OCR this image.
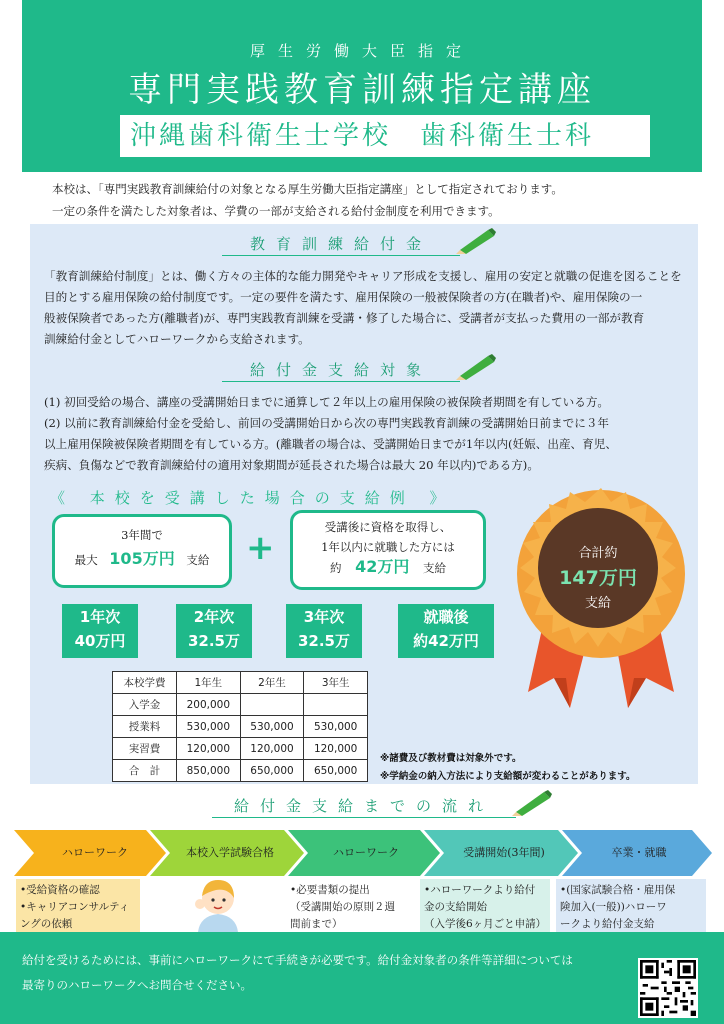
厚生労働大臣指定
専門実践教育訓練指定講座
沖縄歯科衛生士学校　歯科衛生士科
本校は、「専門実践教育訓練給付の対象となる厚生労働大臣指定講座」として指定されております。
一定の条件を満たした対象者は、学費の一部が支給される給付金制度を利用できます。
教育訓練給付金
「教育訓練給付制度」とは、働く方々の主体的な能力開発やキャリア形成を支援し、雇用の安定と就職の促進を図ることを
目的とする雇用保険の給付制度です。一定の要件を満たす、雇用保険の一般被保険者の方(在職者)や、雇用保険の一
般被保険者であった方(離職者)が、専門実践教育訓練を受講・修了した場合に、受講者が支払った費用の一部が教育
訓練給付金としてハローワークから支給されます。
給付金支給対象
(1) 初回受給の場合、講座の受講開始日までに通算して２年以上の雇用保険の被保険者期間を有している方。
(2) 以前に教育訓練給付金を受給し、前回の受講開始日から次の専門実践教育訓練の受講開始日前までに３年
以上雇用保険被保険者期間を有している方。(離職者の場合は、受講開始日までが1年以内(妊娠、出産、育児、
疾病、負傷などで教育訓練給付の適用対象期間が延長された場合は最大 20 年以内)である方)。
《 本校を受講した場合の支給例 》
3年間で
最大 105万円 支給	+
受講後に資格を取得し、
1年以内に就職した方には
約 42万円 支給
合計約
147万円
支給
1年次
40万円
2年次
32.5万
3年次
32.5万
就職後
約42万円
本校学費	1年生	2年生	3年生
入学金	200,000		
授業料	530,000	530,000	530,000
実習費	120,000	120,000	120,000
合　計	850,000	650,000	650,000
※諸費及び教材費は対象外です。
※学納金の納入方法により支給額が変わることがあります。
給付金支給までの流れ
ハローワーク	本校入学試験合格	ハローワーク	受講開始(3年間)	卒業・就職
•受給資格の確認
•キャリアコンサルティ
ングの依頼
•必要書類の提出
（受講開始の原則２週
間前まで）
•ハローワークより給付
金の支給開始
（入学後6ヶ月ごと申請）
•(国家試験合格・雇用保
険加入(一般))ハローワ
ークより給付金支給
給付を受けるためには、事前にハローワークにて手続きが必要です。給付金対象者の条件等詳細については
最寄りのハローワークへお問合せください。
